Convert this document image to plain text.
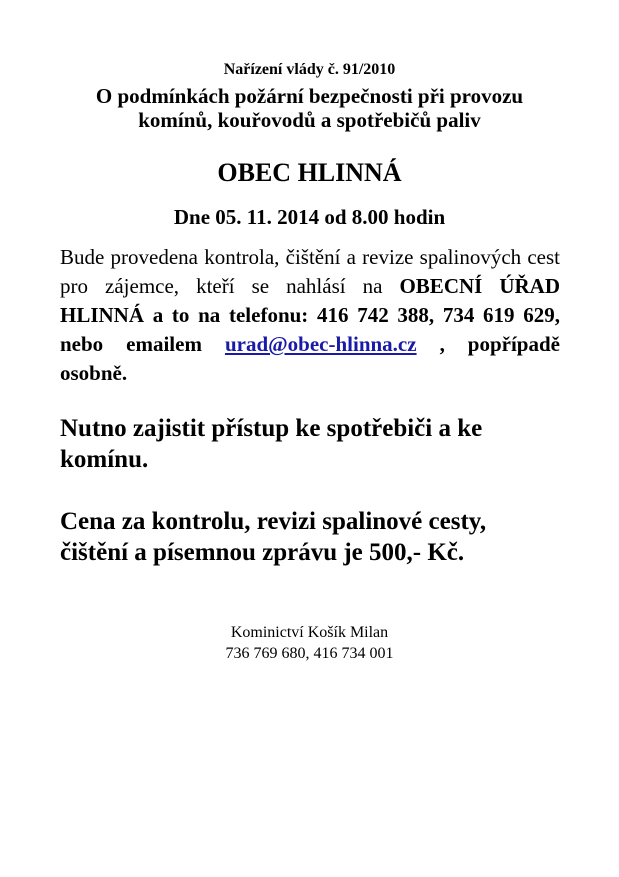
Nařízení vlády č. 91/2010

O podmínkách požární bezpečnosti při provozu
komínů, kouřovodů a spotřebičů paliv

OBEC HLINNÁ

Dne 05. 11. 2014 od 8.00 hodin

Bude provedena kontrola, čištění a revize spalinových cest pro zájemce, kteří se nahlásí na OBECNÍ ÚŘAD HLINNÁ a to na telefonu: 416 742 388, 734 619 629, nebo emailem urad@obec-hlinna.cz , popřípadě osobně.

Nutno zajistit přístup ke spotřebiči a ke komínu.

Cena za kontrolu, revizi spalinové cesty, čištění a písemnou zprávu je 500,- Kč.

Kominictví Košík Milan

736 769 680, 416 734 001
